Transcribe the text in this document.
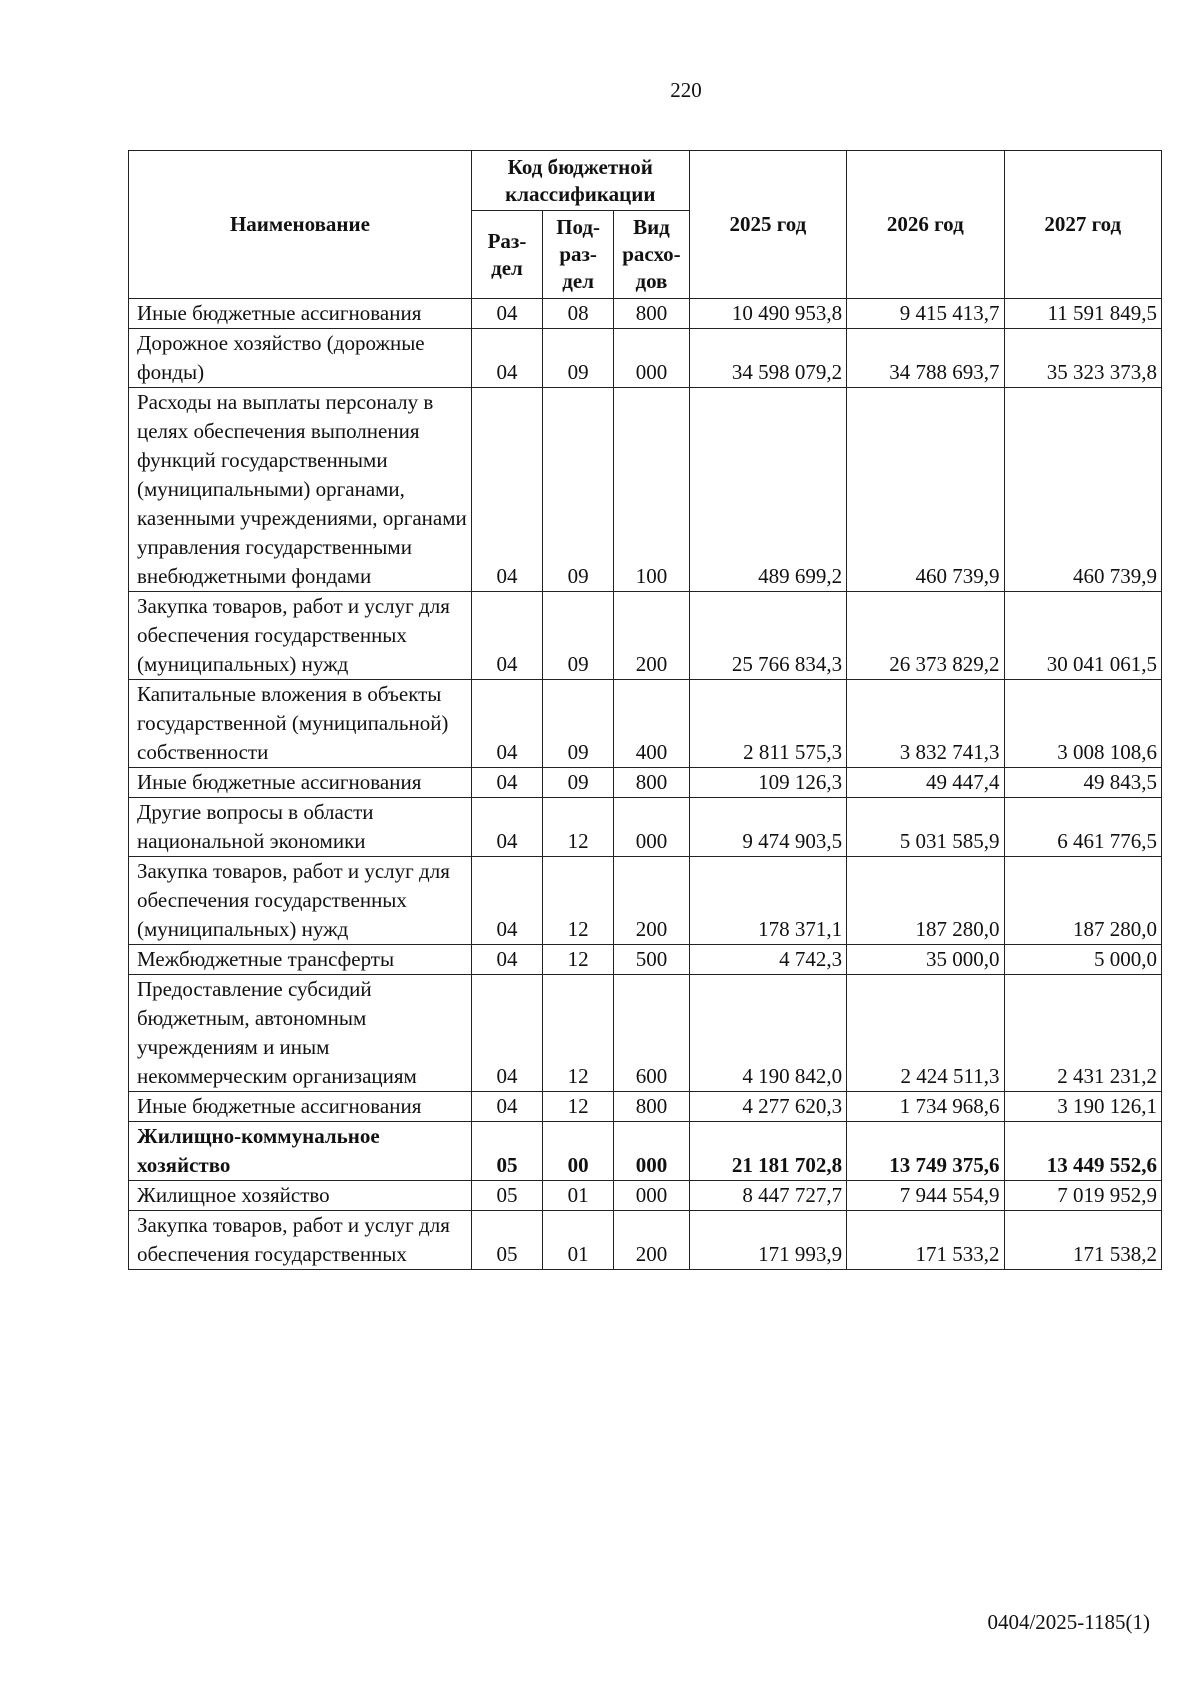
220
Наименование	Код бюджетной классификации			2025 год	2026 год	2027 год
	Раз-дел	Под-раз-дел	Вид расхо-дов			
Иные бюджетные ассигнования	04	08	800	10 490 953,8	9 415 413,7	11 591 849,5
Дорожное хозяйство (дорожные фонды)	04	09	000	34 598 079,2	34 788 693,7	35 323 373,8
Расходы на выплаты персоналу в целях обеспечения выполнения функций государственными (муниципальными) органами, казенными учреждениями, органами управления государственными внебюджетными фондами	04	09	100	489 699,2	460 739,9	460 739,9
Закупка товаров, работ и услуг для обеспечения государственных (муниципальных) нужд	04	09	200	25 766 834,3	26 373 829,2	30 041 061,5
Капитальные вложения в объекты государственной (муниципальной) собственности	04	09	400	2 811 575,3	3 832 741,3	3 008 108,6
Иные бюджетные ассигнования	04	09	800	109 126,3	49 447,4	49 843,5
Другие вопросы в области национальной экономики	04	12	000	9 474 903,5	5 031 585,9	6 461 776,5
Закупка товаров, работ и услуг для обеспечения государственных (муниципальных) нужд	04	12	200	178 371,1	187 280,0	187 280,0
Межбюджетные трансферты	04	12	500	4 742,3	35 000,0	5 000,0
Предоставление субсидий бюджетным, автономным учреждениям и иным некоммерческим организациям	04	12	600	4 190 842,0	2 424 511,3	2 431 231,2
Иные бюджетные ассигнования	04	12	800	4 277 620,3	1 734 968,6	3 190 126,1
Жилищно-коммунальное хозяйство	05	00	000	21 181 702,8	13 749 375,6	13 449 552,6
Жилищное хозяйство	05	01	000	8 447 727,7	7 944 554,9	7 019 952,9
Закупка товаров, работ и услуг для обеспечения государственных	05	01	200	171 993,9	171 533,2	171 538,2
0404/2025-1185(1)
